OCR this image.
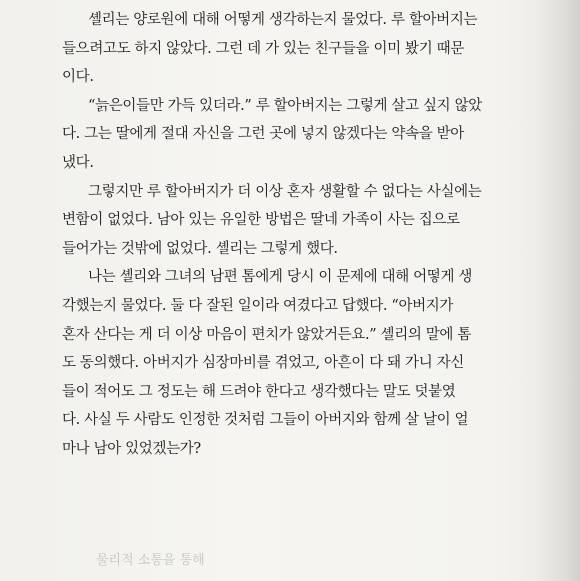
셸리는 양로원에 대해 어떻게 생각하는지 물었다. 루 할아버지는
들으려고도 하지 않았다. 그런 데 가 있는 친구들을 이미 봤기 때문
이다.
“늙은이들만 가득 있더라.” 루 할아버지는 그렇게 살고 싶지 않았
다. 그는 딸에게 절대 자신을 그런 곳에 넣지 않겠다는 약속을 받아
냈다.
그렇지만 루 할아버지가 더 이상 혼자 생활할 수 없다는 사실에는
변함이 없었다. 남아 있는 유일한 방법은 딸네 가족이 사는 집으로
들어가는 것밖에 없었다. 셸리는 그렇게 했다.
나는 셸리와 그녀의 남편 톰에게 당시 이 문제에 대해 어떻게 생
각했는지 물었다. 둘 다 잘된 일이라 여겼다고 답했다. “아버지가
혼자 산다는 게 더 이상 마음이 편치가 않았거든요.” 셸리의 말에 톰
도 동의했다. 아버지가 심장마비를 겪었고, 아흔이 다 돼 가니 자신
들이 적어도 그 정도는 해 드려야 한다고 생각했다는 말도 덧붙였
다. 사실 두 사람도 인정한 것처럼 그들이 아버지와 함께 살 날이 얼
마나 남아 있었겠는가?
물리적 소통을 통해
